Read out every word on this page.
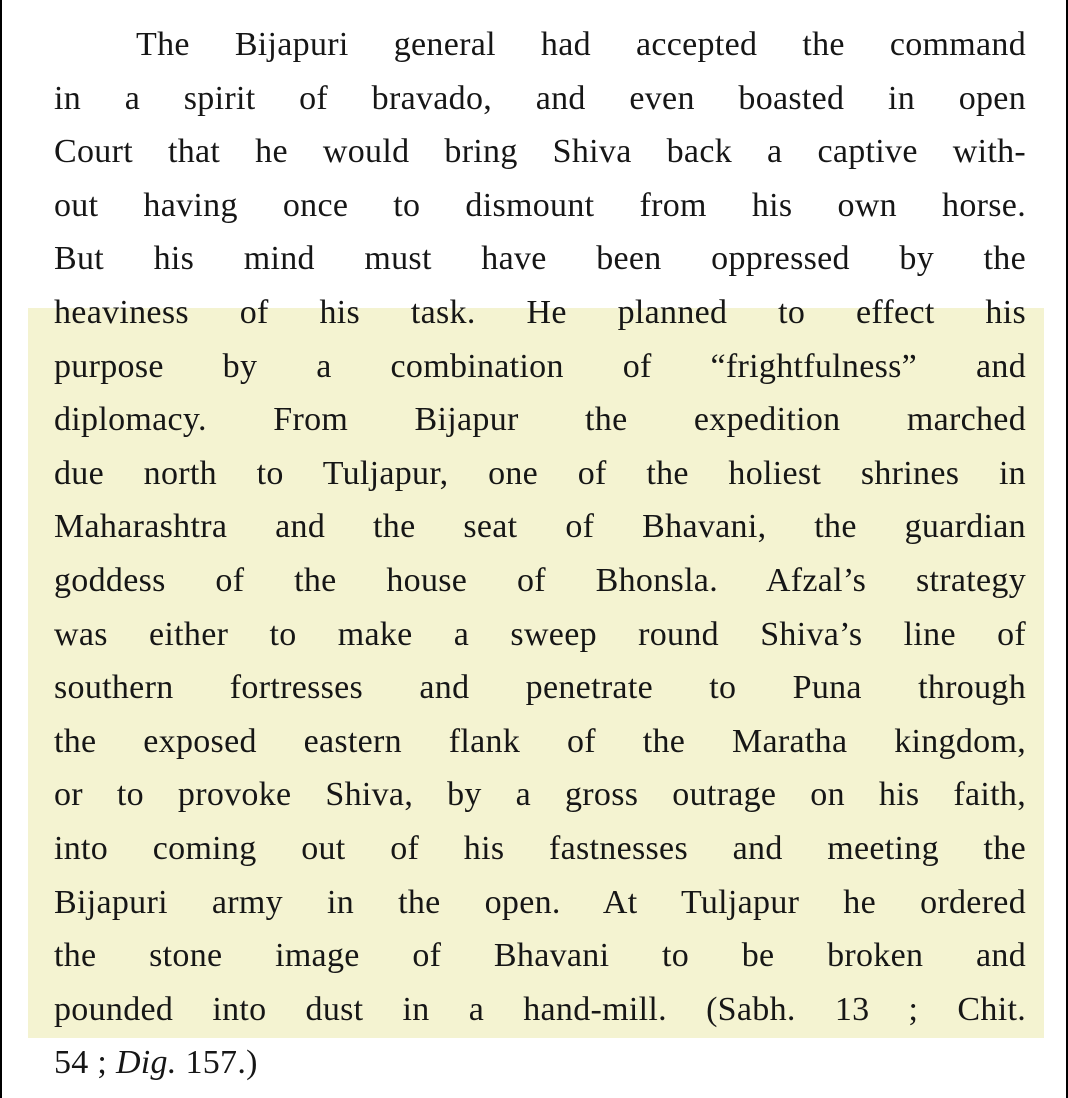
The Bijapuri general had accepted the command
in a spirit of bravado, and even boasted in open
Court that he would bring Shiva back a captive with-
out having once to dismount from his own horse.
But his mind must have been oppressed by the
heaviness of his task. He planned to effect his
purpose by a combination of “frightfulness” and
diplomacy. From Bijapur the expedition marched
due north to Tuljapur, one of the holiest shrines in
Maharashtra and the seat of Bhavani, the guardian
goddess of the house of Bhonsla. Afzal’s strategy
was either to make a sweep round Shiva’s line of
southern fortresses and penetrate to Puna through
the exposed eastern flank of the Maratha kingdom,
or to provoke Shiva, by a gross outrage on his faith,
into coming out of his fastnesses and meeting the
Bijapuri army in the open. At Tuljapur he ordered
the stone image of Bhavani to be broken and
pounded into dust in a hand-mill. (Sabh. 13 ; Chit.
54 ; Dig. 157.)
